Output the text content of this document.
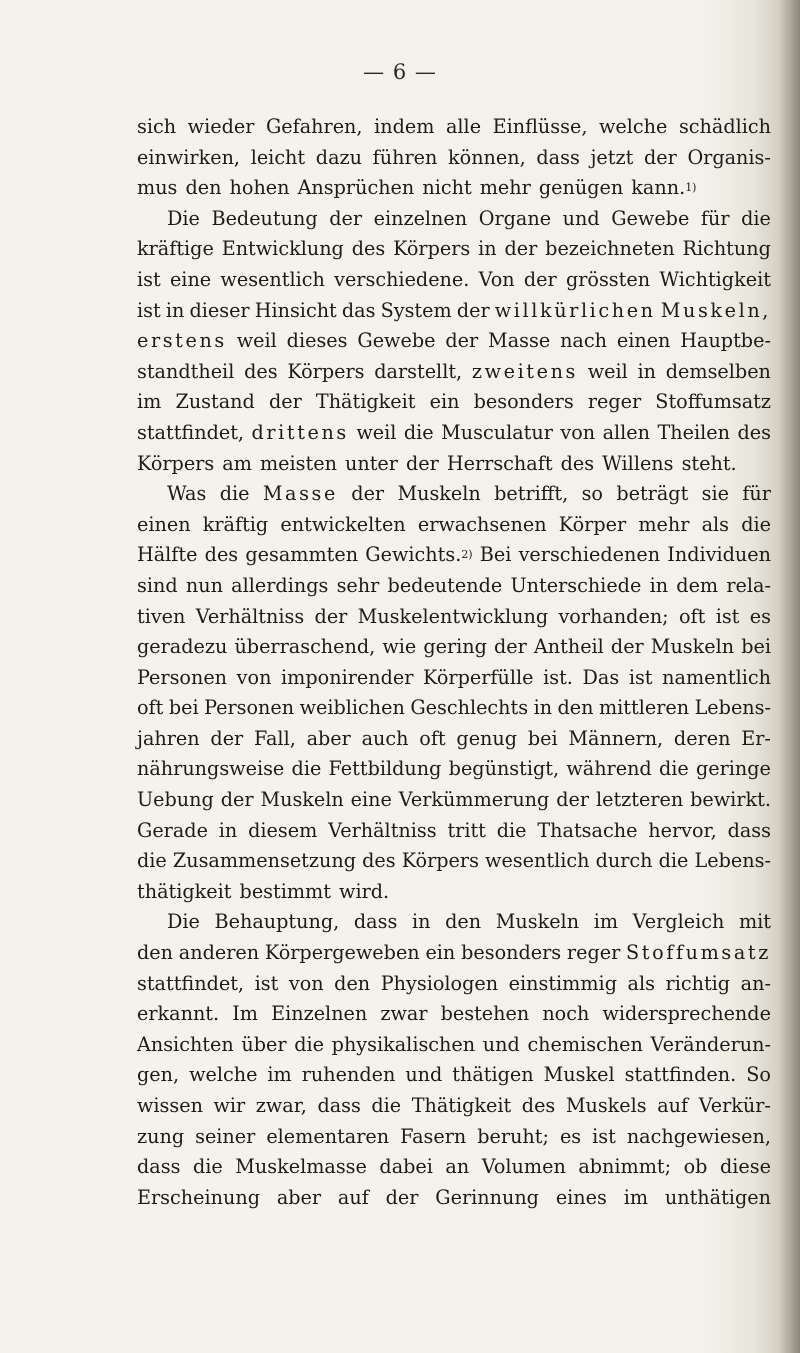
— 6 —
sich wieder Gefahren, indem alle Einflüsse, welche schädlich
einwirken, leicht dazu führen können, dass jetzt der Organis-
mus den hohen Ansprüchen nicht mehr genügen kann.$^{1)}$
Die Bedeutung der einzelnen Organe und Gewebe für die
kräftige Entwicklung des Körpers in der bezeichneten Richtung
ist eine wesentlich verschiedene. Von der grössten Wichtigkeit
ist in dieser Hinsicht das System der willkürlichen Muskeln,
erstens weil dieses Gewebe der Masse nach einen Hauptbe-
standtheil des Körpers darstellt, zweitens weil in demselben
im Zustand der Thätigkeit ein besonders reger Stoffumsatz
stattfindet, drittens weil die Musculatur von allen Theilen des
Körpers am meisten unter der Herrschaft des Willens steht.
Was die Masse der Muskeln betrifft, so beträgt sie für
einen kräftig entwickelten erwachsenen Körper mehr als die
Hälfte des gesammten Gewichts.$^{2)}$ Bei verschiedenen Individuen
sind nun allerdings sehr bedeutende Unterschiede in dem rela-
tiven Verhältniss der Muskelentwicklung vorhanden; oft ist es
geradezu überraschend, wie gering der Antheil der Muskeln bei
Personen von imponirender Körperfülle ist. Das ist namentlich
oft bei Personen weiblichen Geschlechts in den mittleren Lebens-
jahren der Fall, aber auch oft genug bei Männern, deren Er-
nährungsweise die Fettbildung begünstigt, während die geringe
Uebung der Muskeln eine Verkümmerung der letzteren bewirkt.
Gerade in diesem Verhältniss tritt die Thatsache hervor, dass
die Zusammensetzung des Körpers wesentlich durch die Lebens-
thätigkeit bestimmt wird.
Die Behauptung, dass in den Muskeln im Vergleich mit
den anderen Körpergeweben ein besonders reger Stoffumsatz
stattfindet, ist von den Physiologen einstimmig als richtig an-
erkannt. Im Einzelnen zwar bestehen noch widersprechende
Ansichten über die physikalischen und chemischen Veränderun-
gen, welche im ruhenden und thätigen Muskel stattfinden. So
wissen wir zwar, dass die Thätigkeit des Muskels auf Verkür-
zung seiner elementaren Fasern beruht; es ist nachgewiesen,
dass die Muskelmasse dabei an Volumen abnimmt; ob diese
Erscheinung aber auf der Gerinnung eines im unthätigen
